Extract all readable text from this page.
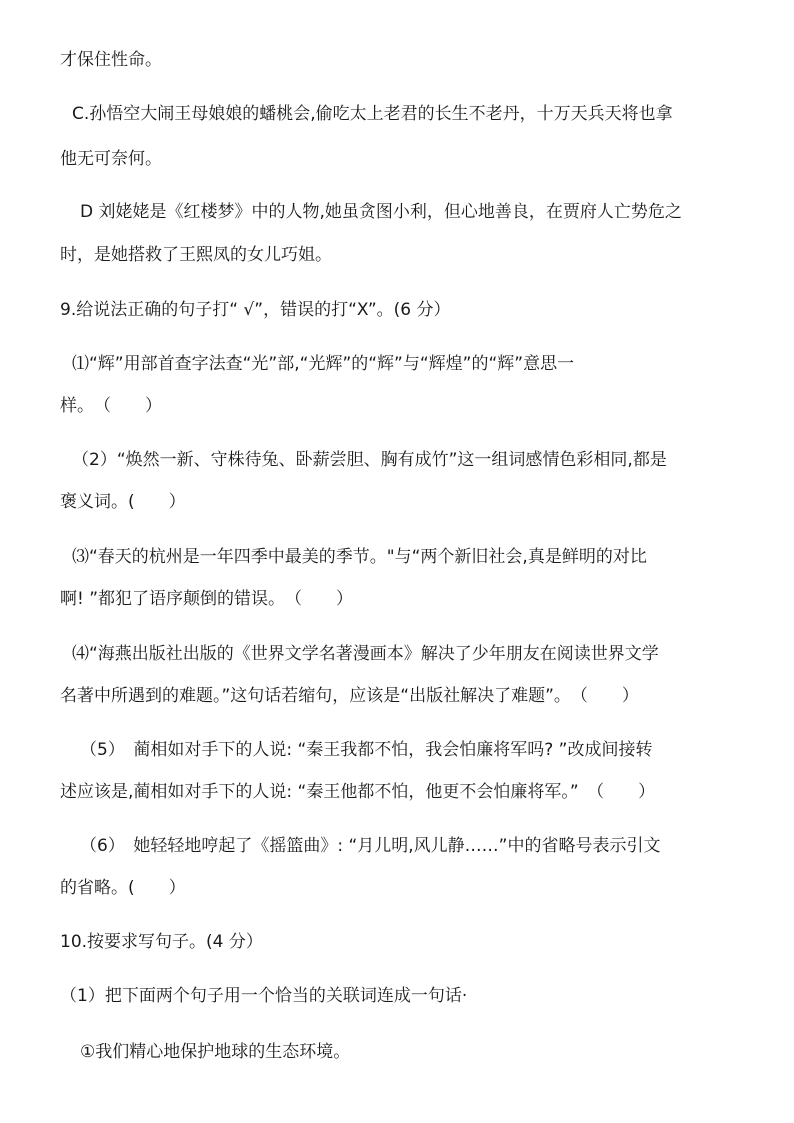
才保住性命。
C.孙悟空大闹王母娘娘的蟠桃会,偷吃太上老君的长生不老丹，十万天兵天将也拿
他无可奈何。
D 刘姥姥是《红楼梦》中的人物,她虽贪图小利，但心地善良，在贾府人亡势危之
时，是她搭救了王熙凤的女儿巧姐。
9.给说法正确的句子打“ √”，错误的打“X”。(6 分）
⑴“辉”用部首查字法查“光”部,“光辉”的“辉”与“辉煌”的“辉”意思一
样。　（　　）
（2）“焕然一新、守株待兔、卧薪尝胆、胸有成竹”这一组词感情色彩相同,都是
褒义词。(　　）
⑶“春天的杭州是一年四季中最美的季节。"与“两个新旧社会,真是鲜明的对比
啊! ”都犯了语序颠倒的错误。　（　　）
⑷“海燕出版社出版的《世界文学名著漫画本》解决了少年朋友在阅读世界文学
名著中所遇到的难题。”这句话若缩句，应该是“出版社解决了难题”。　（　　）
（5）　蔺相如对手下的人说: “秦王我都不怕，我会怕廉将军吗? ”改成间接转
述应该是,蔺相如对手下的人说: “秦王他都不怕，他更不会怕廉将军。”　（　　）
（6）　她轻轻地哼起了《摇篮曲》: “月儿明,风儿静……”中的省略号表示引文
的省略。(　　）
10.按要求写句子。(4 分）
（1）把下面两个句子用一个恰当的关联词连成一句话·
①我们精心地保护地球的生态环境。
